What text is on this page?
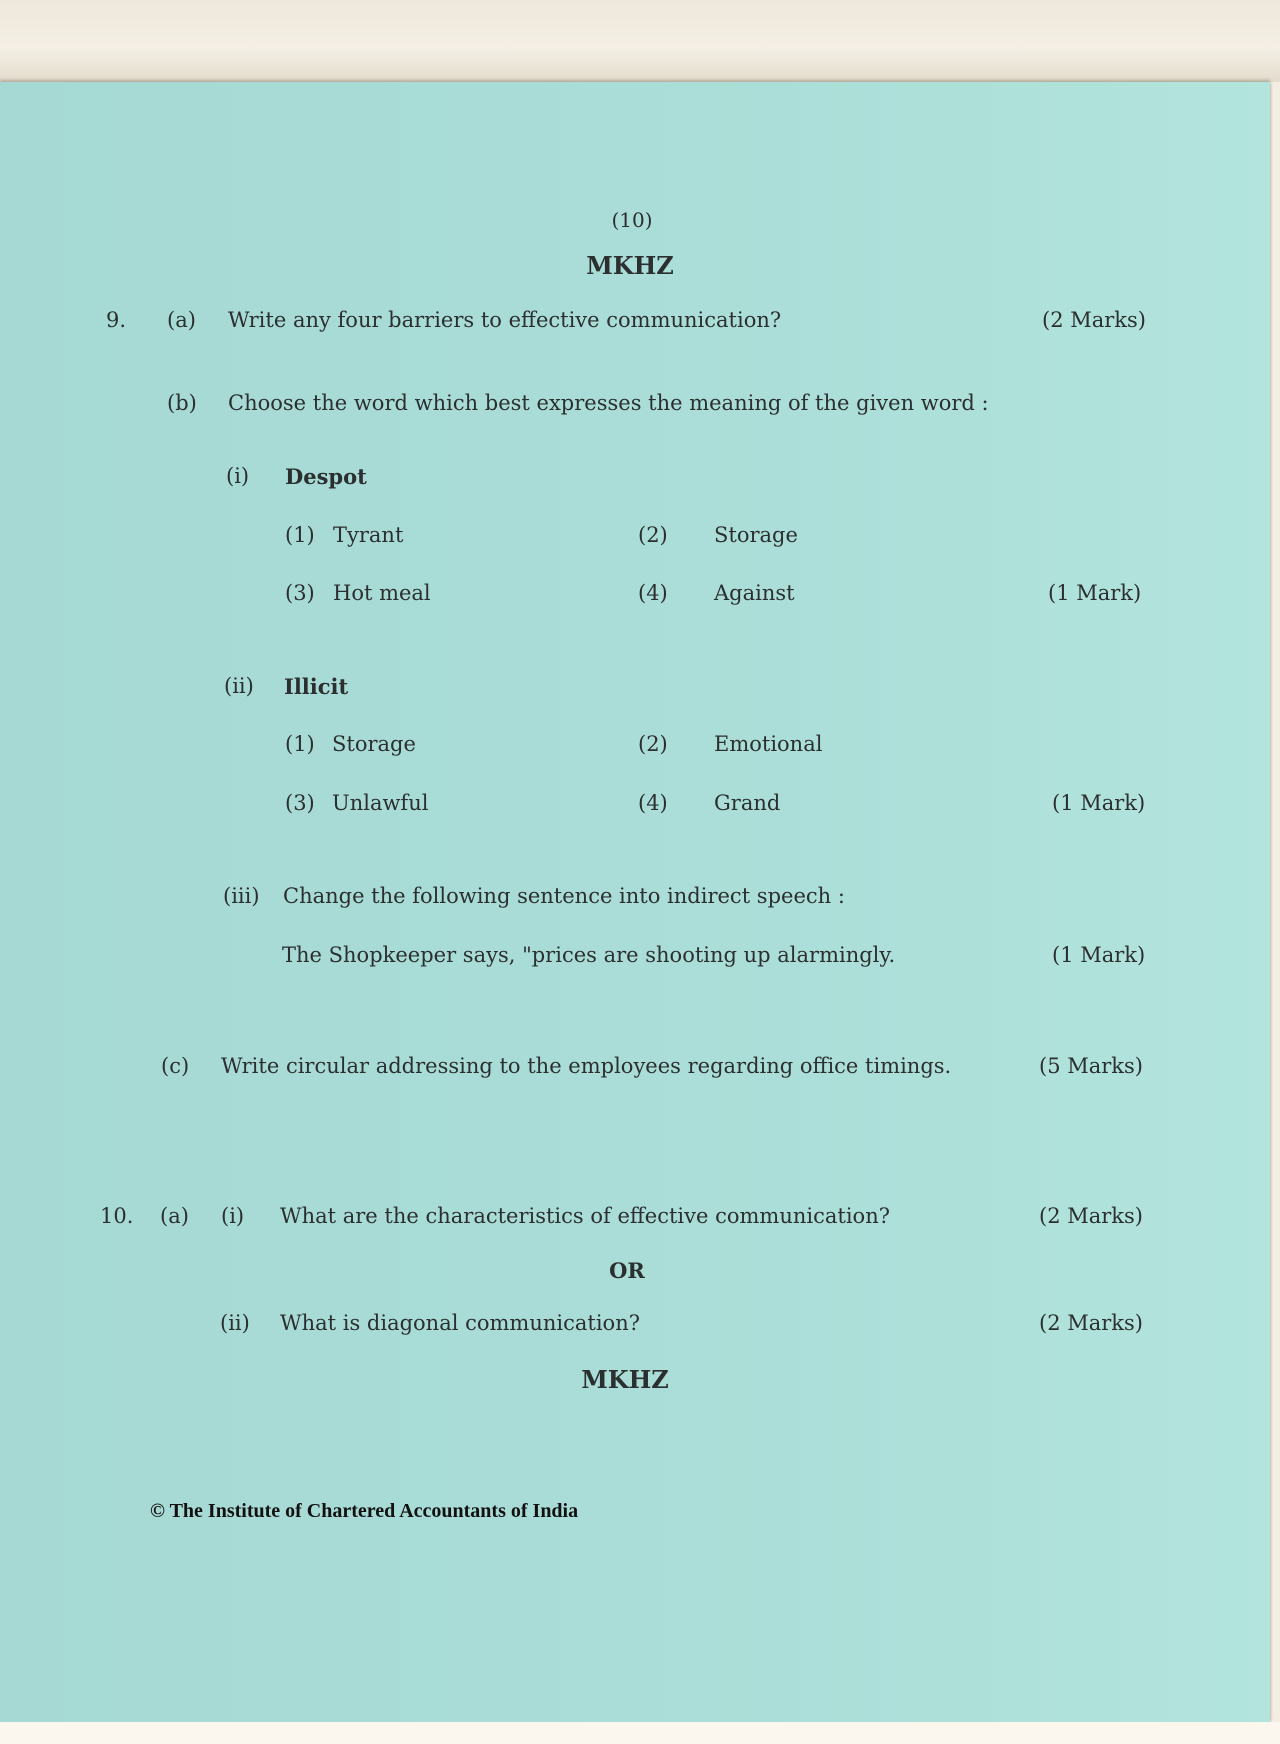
(10)
MKHZ
9. (a) Write any four barriers to effective communication?	(2 Marks)
(b) Choose the word which best expresses the meaning of the given word :
(i) Despot
(1) Tyrant	(2) Storage
(3) Hot meal	(4) Against	(1 Mark)
(ii) Illicit
(1) Storage	(2) Emotional
(3) Unlawful	(4) Grand	(1 Mark)
(iii) Change the following sentence into indirect speech :
The Shopkeeper says, "prices are shooting up alarmingly.	(1 Mark)
(c) Write circular addressing to the employees regarding office timings.	(5 Marks)
10. (a) (i) What are the characteristics of effective communication?	(2 Marks)
OR
(ii) What is diagonal communication?	(2 Marks)
MKHZ
© The Institute of Chartered Accountants of India
